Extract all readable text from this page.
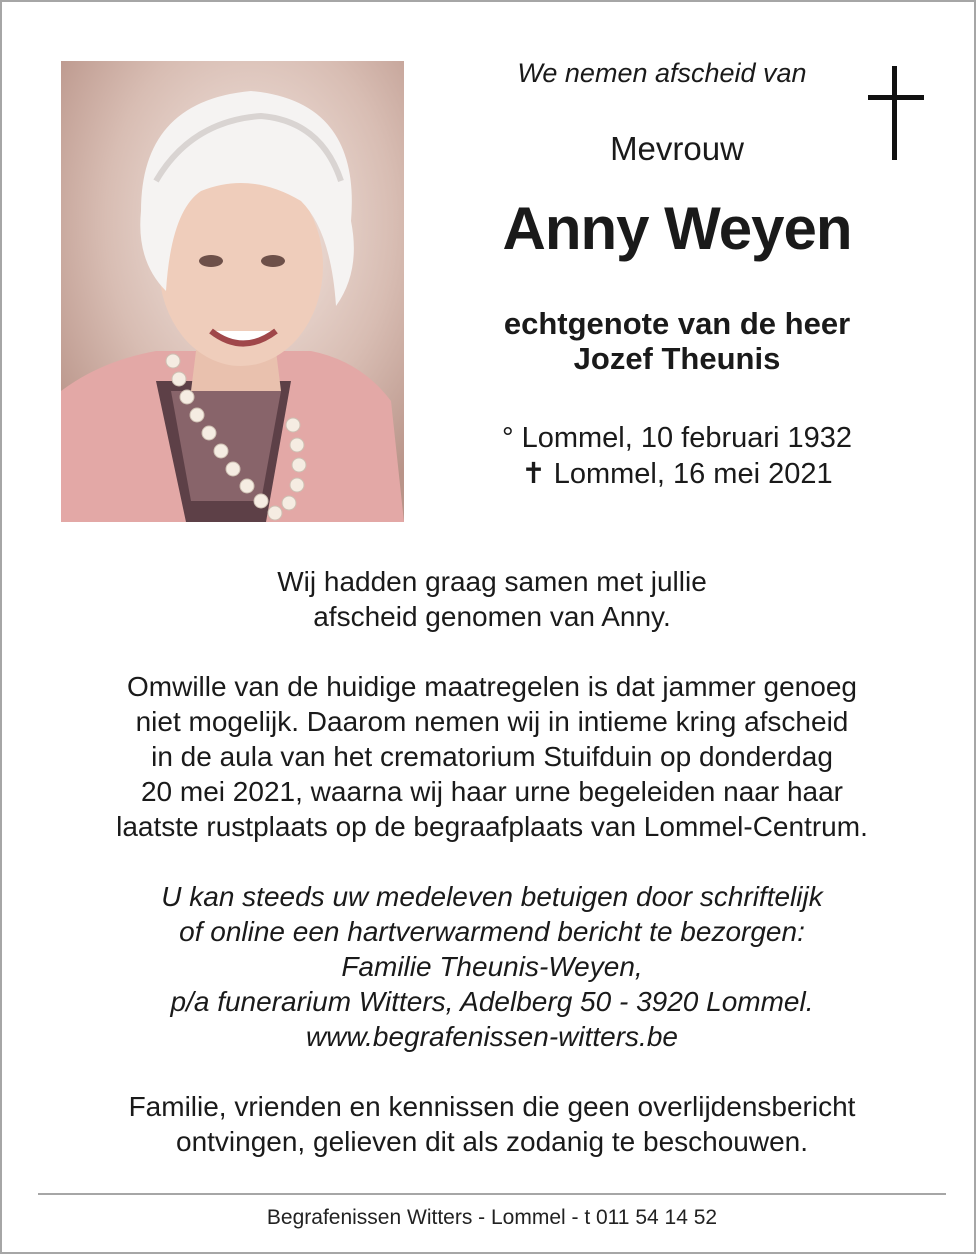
We nemen afscheid van
Mevrouw
Anny Weyen
echtgenote van de heer
Jozef Theunis
° Lommel, 10 februari 1932
✝ Lommel, 16 mei 2021

Wij hadden graag samen met jullie
afscheid genomen van Anny.

Omwille van de huidige maatregelen is dat jammer genoeg
niet mogelijk. Daarom nemen wij in intieme kring afscheid
in de aula van het crematorium Stuifduin op donderdag
20 mei 2021, waarna wij haar urne begeleiden naar haar
laatste rustplaats op de begraafplaats van Lommel-Centrum.

U kan steeds uw medeleven betuigen door schriftelijk
of online een hartverwarmend bericht te bezorgen:
Familie Theunis-Weyen,
p/a funerarium Witters, Adelberg 50 - 3920 Lommel.
www.begrafenissen-witters.be

Familie, vrienden en kennissen die geen overlijdensbericht
ontvingen, gelieven dit als zodanig te beschouwen.

Begrafenissen Witters - Lommel - t 011 54 14 52
